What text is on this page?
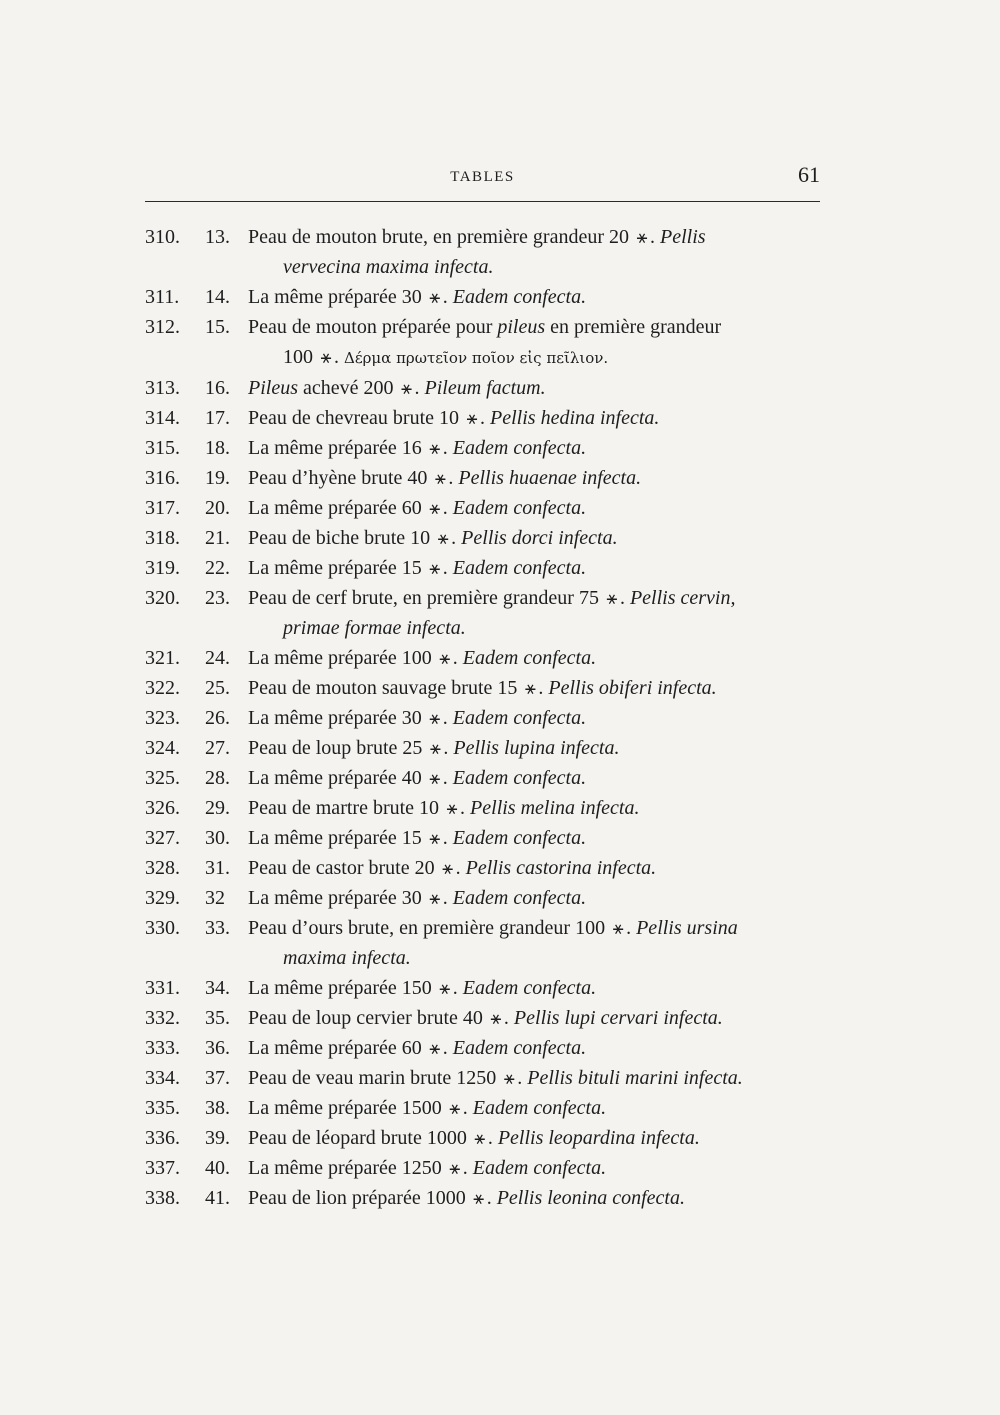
TABLES	61
310.	13. Peau de mouton brute, en première grandeur 20 ⚹ . Pellis
vervecina maxima infecta.
311.	14. La même préparée 30 ⚹ . Eadem confecta.
312.	15. Peau de mouton préparée pour pileus en première grandeur
100 ⚹ . Δέρμα πρωτεῖον ποῖον εἰς πεῖλιον.
313.	16. Pileus achevé 200 ⚹ . Pileum factum.
314.	17. Peau de chevreau brute 10 ⚹ . Pellis hedina infecta.
315.	18. La même préparée 16 ⚹ . Eadem confecta.
316.	19. Peau d’hyène brute 40 ⚹ . Pellis huaenae infecta.
317.	20. La même préparée 60 ⚹ . Eadem confecta.
318.	21. Peau de biche brute 10 ⚹ . Pellis dorci infecta.
319.	22. La même préparée 15 ⚹ . Eadem confecta.
320.	23. Peau de cerf brute, en première grandeur 75 ⚹ . Pellis cervin,
primae formae infecta.
321.	24. La même préparée 100 ⚹ . Eadem confecta.
322.	25. Peau de mouton sauvage brute 15 ⚹ . Pellis obiferi infecta.
323.	26. La même préparée 30 ⚹ . Eadem confecta.
324.	27. Peau de loup brute 25 ⚹ . Pellis lupina infecta.
325.	28. La même préparée 40 ⚹ . Eadem confecta.
326.	29. Peau de martre brute 10 ⚹ . Pellis melina infecta.
327.	30. La même préparée 15 ⚹ . Eadem confecta.
328.	31. Peau de castor brute 20 ⚹ . Pellis castorina infecta.
329.	32	La même préparée 30 ⚹ . Eadem confecta.
330.	33. Peau d’ours brute, en première grandeur 100 ⚹ . Pellis ursina
maxima infecta.
331.	34. La même préparée 150 ⚹ . Eadem confecta.
332.	35. Peau de loup cervier brute 40 ⚹ . Pellis lupi cervari infecta.
333.	36. La même préparée 60 ⚹ . Eadem confecta.
334.	37. Peau de veau marin brute 1250 ⚹ . Pellis bituli marini infecta.
335.	38. La même préparée 1500 ⚹ . Eadem confecta.
336.	39. Peau de léopard brute 1000 ⚹ . Pellis leopardina infecta.
337.	40. La même préparée 1250 ⚹ . Eadem confecta.
338.	41. Peau de lion préparée 1000 ⚹ . Pellis leonina confecta.
